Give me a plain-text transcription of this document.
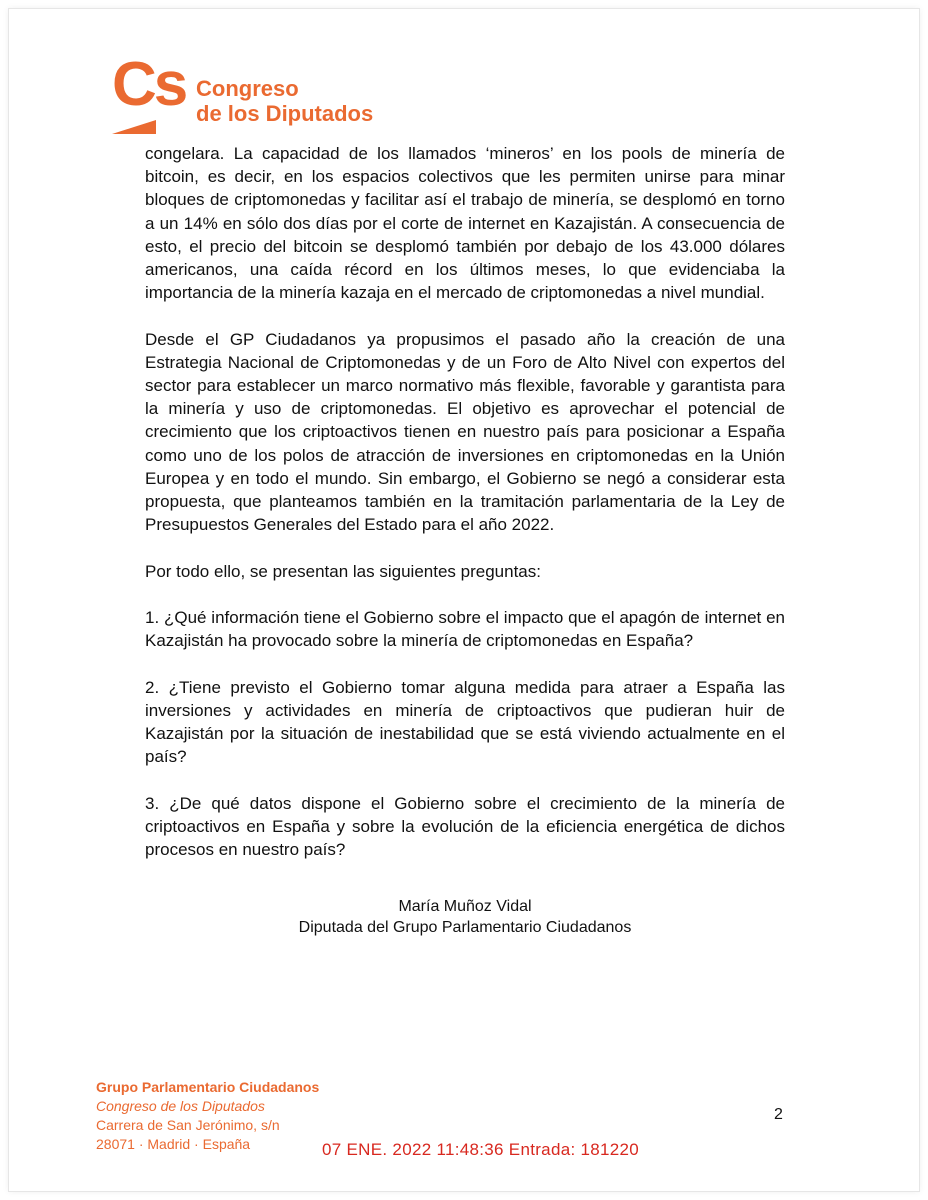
Cs Congreso
de los Diputados

congelara. La capacidad de los llamados ‘mineros’ en los pools de minería de bitcoin, es decir, en los espacios colectivos que les permiten unirse para minar bloques de criptomonedas y facilitar así el trabajo de minería, se desplomó en torno a un 14% en sólo dos días por el corte de internet en Kazajistán. A consecuencia de esto, el precio del bitcoin se desplomó también por debajo de los 43.000 dólares americanos, una caída récord en los últimos meses, lo que evidenciaba la importancia de la minería kazaja en el mercado de criptomonedas a nivel mundial.

Desde el GP Ciudadanos ya propusimos el pasado año la creación de una Estrategia Nacional de Criptomonedas y de un Foro de Alto Nivel con expertos del sector para establecer un marco normativo más flexible, favorable y garantista para la minería y uso de criptomonedas. El objetivo es aprovechar el potencial de crecimiento que los criptoactivos tienen en nuestro país para posicionar a España como uno de los polos de atracción de inversiones en criptomonedas en la Unión Europea y en todo el mundo. Sin embargo, el Gobierno se negó a considerar esta propuesta, que planteamos también en la tramitación parlamentaria de la Ley de Presupuestos Generales del Estado para el año 2022.

Por todo ello, se presentan las siguientes preguntas:

1. ¿Qué información tiene el Gobierno sobre el impacto que el apagón de internet en Kazajistán ha provocado sobre la minería de criptomonedas en España?

2. ¿Tiene previsto el Gobierno tomar alguna medida para atraer a España las inversiones y actividades en minería de criptoactivos que pudieran huir de Kazajistán por la situación de inestabilidad que se está viviendo actualmente en el país?

3. ¿De qué datos dispone el Gobierno sobre el crecimiento de la minería de criptoactivos en España y sobre la evolución de la eficiencia energética de dichos procesos en nuestro país?

María Muñoz Vidal
Diputada del Grupo Parlamentario Ciudadanos
Grupo Parlamentario Ciudadanos
Congreso de los Diputados
Carrera de San Jerónimo, s/n
28071 · Madrid · España
2
07 ENE. 2022 11:48:36 Entrada: 181220
